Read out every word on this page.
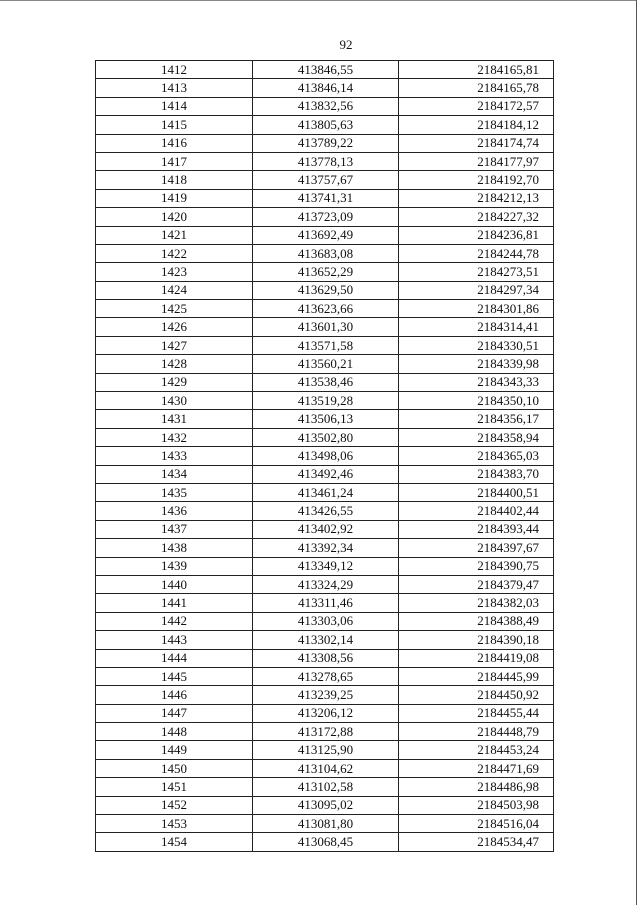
92
1412	413846,55	2184165,81
1413	413846,14	2184165,78
1414	413832,56	2184172,57
1415	413805,63	2184184,12
1416	413789,22	2184174,74
1417	413778,13	2184177,97
1418	413757,67	2184192,70
1419	413741,31	2184212,13
1420	413723,09	2184227,32
1421	413692,49	2184236,81
1422	413683,08	2184244,78
1423	413652,29	2184273,51
1424	413629,50	2184297,34
1425	413623,66	2184301,86
1426	413601,30	2184314,41
1427	413571,58	2184330,51
1428	413560,21	2184339,98
1429	413538,46	2184343,33
1430	413519,28	2184350,10
1431	413506,13	2184356,17
1432	413502,80	2184358,94
1433	413498,06	2184365,03
1434	413492,46	2184383,70
1435	413461,24	2184400,51
1436	413426,55	2184402,44
1437	413402,92	2184393,44
1438	413392,34	2184397,67
1439	413349,12	2184390,75
1440	413324,29	2184379,47
1441	413311,46	2184382,03
1442	413303,06	2184388,49
1443	413302,14	2184390,18
1444	413308,56	2184419,08
1445	413278,65	2184445,99
1446	413239,25	2184450,92
1447	413206,12	2184455,44
1448	413172,88	2184448,79
1449	413125,90	2184453,24
1450	413104,62	2184471,69
1451	413102,58	2184486,98
1452	413095,02	2184503,98
1453	413081,80	2184516,04
1454	413068,45	2184534,47
